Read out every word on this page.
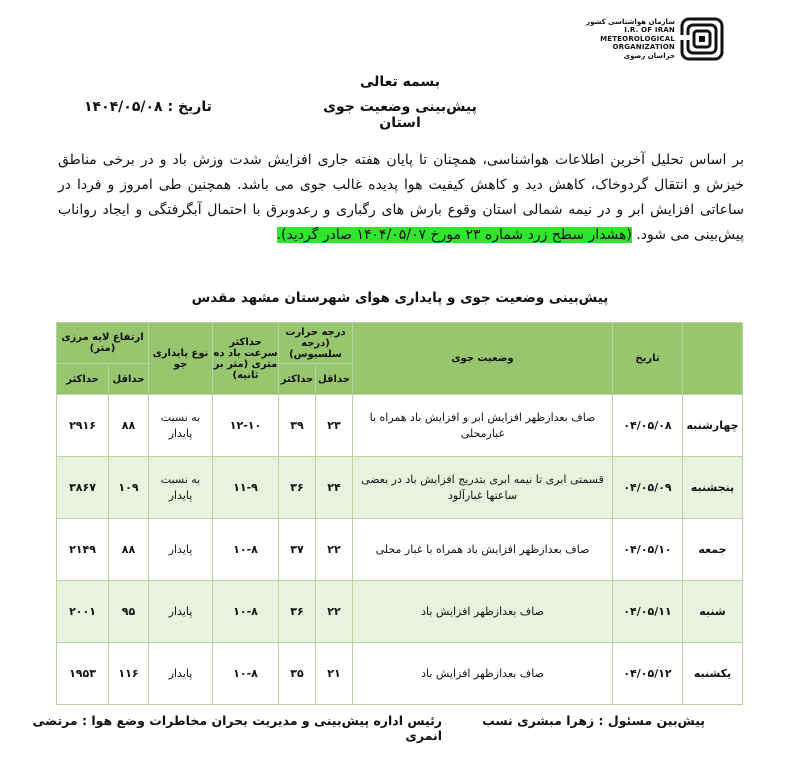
سازمان هواشناسی کشور
I.R. OF IRAN
METEOROLOGICAL
ORGANIZATION
خراسان رضوی
بسمه تعالی
پیش‌بینی وضعیت جوی استان
تاریخ : ۱۴۰۴/۰۵/۰۸
بر اساس تحلیل آخرین اطلاعات هواشناسی، همچنان تا پایان هفته جاری افزایش شدت وزش باد و در برخی مناطق خیزش و انتقال گردوخاک، کاهش دید و کاهش کیفیت هوا پدیده غالب جوی می باشد. همچنین طی امروز و فردا در ساعاتی افزایش ابر و در نیمه شمالی استان وقوع بارش های رگباری و رعدوبرق با احتمال آبگرفتگی و ایجاد رواناب پیش‌بینی می شود. (هشدار سطح زرد شماره ۲۳ مورخ ۱۴۰۴/۰۵/۰۷ صادر گردید).
پیش‌بینی وضعیت جوی و پایداری هوای شهرستان مشهد مقدس
	تاریخ	وضعیت جوی	درجه حرارت (درجه سلسیوس)		حداکثر سرعت باد ده متری (متر بر ثانیه)	نوع پایداری جو	ارتفاع لایه مرزی (متر)	
			حداقل	حداکثر			حداقل	حداکثر
چهارشنبه	۰۴/۰۵/۰۸	صاف بعدازظهر افزایش ابر و افزایش باد همراه با غبارمحلی	۲۳	۳۹	۱۲-۱۰	به نسبت پایدار	۸۸	۲۹۱۶
پنجشنبه	۰۴/۰۵/۰۹	قسمتی ابری تا نیمه ابری بتدریج افزایش باد در بعضی ساعتها غبارآلود	۲۴	۳۶	۱۱-۹	به نسبت پایدار	۱۰۹	۳۸۶۷
جمعه	۰۴/۰۵/۱۰	صاف بعدازظهر افزایش باد همراه با غبار محلی	۲۲	۳۷	۱۰-۸	پایدار	۸۸	۲۱۴۹
شنبه	۰۴/۰۵/۱۱	صاف بعدازظهر افزایش باد	۲۲	۳۶	۱۰-۸	پایدار	۹۵	۲۰۰۱
یکشنبه	۰۴/۰۵/۱۲	صاف بعدازظهر افزایش باد	۲۱	۳۵	۱۰-۸	پایدار	۱۱۶	۱۹۵۳
پیش‌بین مسئول : زهرا مبشری نسب
رئیس اداره پیش‌بینی و مدیریت بحران مخاطرات وضع هوا : مرتضی انمری
